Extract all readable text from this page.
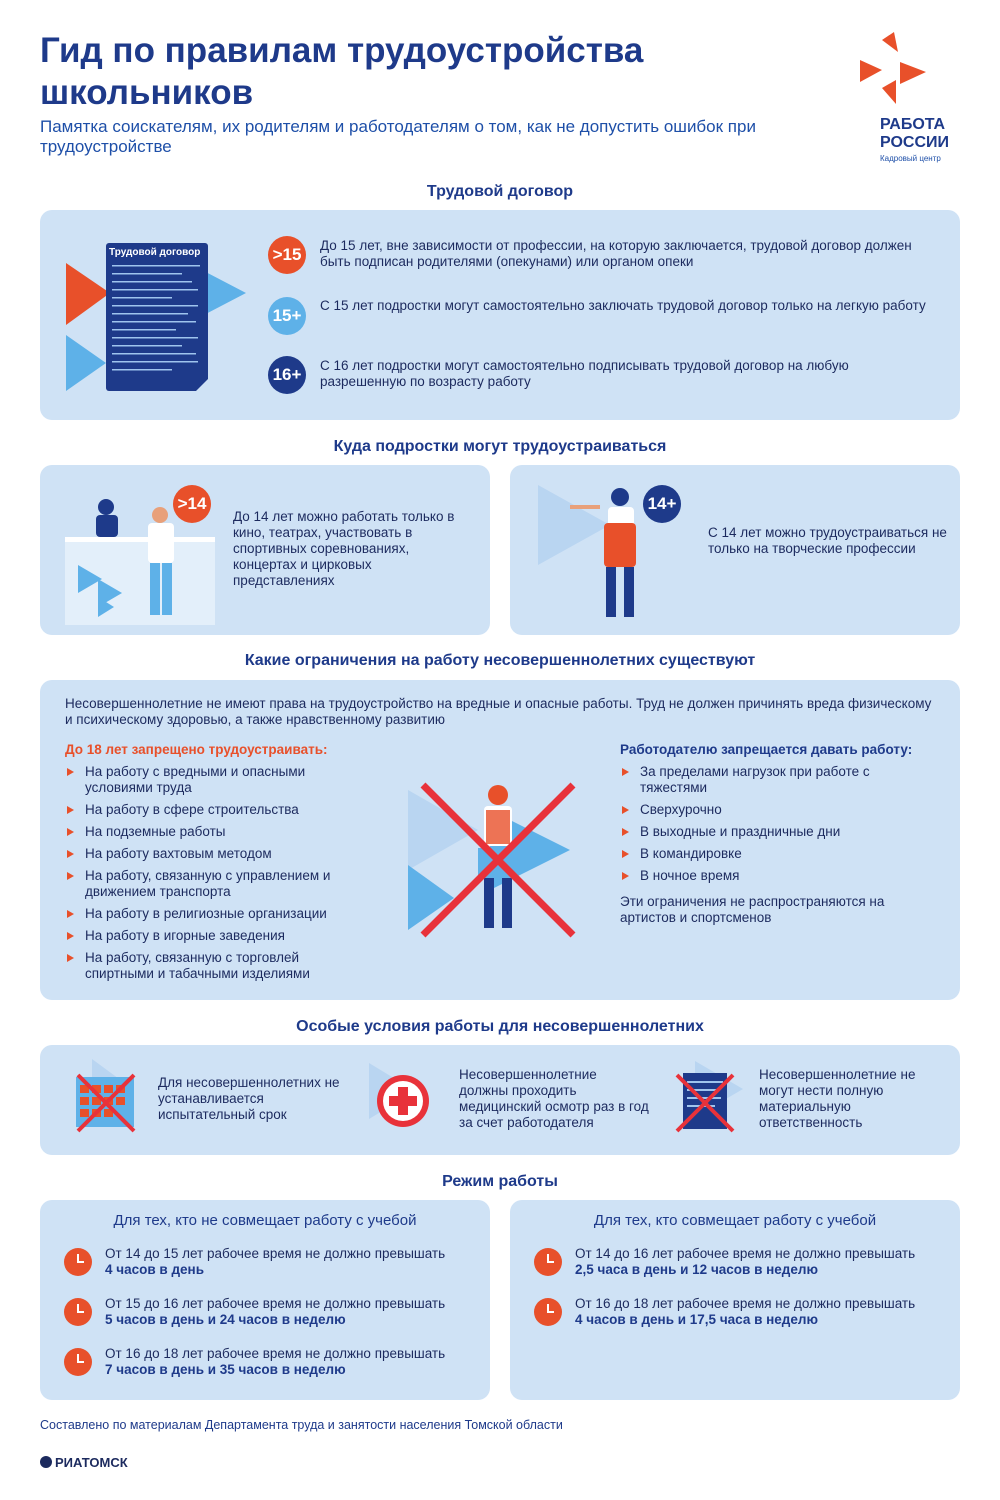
Гид по правилам трудоустройства школьников
Памятка соискателям, их родителям и работодателям о том, как не допустить ошибок при трудоустройстве
РАБОТА
РОССИИ
Кадровый центр
Трудовой договор
Трудовой договор	>15	До 15 лет, вне зависимости от профессии, на которую заключается, трудовой договор должен быть подписан родителями (опекунами) или органом опеки
15+
С 15 лет подростки могут самостоятельно заключать трудовой договор только на легкую работу
16+	С 16 лет подростки могут самостоятельно подписывать трудовой договор на любую разрешенную по возрасту работу
Куда подростки могут трудоустраиваться
>14
До 14 лет можно работать только в кино, театрах, участвовать в спортивных соревнованиях, концертах и цирковых представлениях
14+
С 14 лет можно трудоустраиваться не только на творческие профессии
Какие ограничения на работу несовершеннолетних существуют
Несовершеннолетние не имеют права на трудоустройство на вредные и опасные работы. Труд не должен причинять вреда физическому и психическому здоровью, а также нравственному развитию
До 18 лет запрещено трудоустраивать:
На работу с вредными и опасными условиями труда
На работу в сфере строительства
На подземные работы
На работу вахтовым методом
На работу, связанную с управлением и движением транспорта
На работу в религиозные организации
На работу в игорные заведения
На работу, связанную с торговлей спиртными и табачными изделиями
Работодателю запрещается давать работу:
За пределами нагрузок при работе с тяжестями
Сверхурочно
В выходные и праздничные дни
В командировке
В ночное время
Эти ограничения не распространяются на артистов и спортсменов
Особые условия работы для несовершеннолетних
Для несовершеннолетних не устанавливается испытательный срок
Несовершеннолетние должны проходить медицинский осмотр раз в год за счет работодателя
Несовершеннолетние не могут нести полную материальную ответственность
Режим работы
Для тех, кто не совмещает работу с учебой
От 14 до 15 лет рабочее время не должно превышать
4 часов в день
От 15 до 16 лет рабочее время не должно превышать
5 часов в день и 24 часов в неделю
От 16 до 18 лет рабочее время не должно превышать
7 часов в день и 35 часов в неделю
Для тех, кто совмещает работу с учебой
От 14 до 16 лет рабочее время не должно превышать
2,5 часа в день и 12 часов в неделю
От 16 до 18 лет рабочее время не должно превышать
4 часов в день и 17,5 часа в неделю
Составлено по материалам Департамента труда и занятости населения Томской области
РИАТОМСК
